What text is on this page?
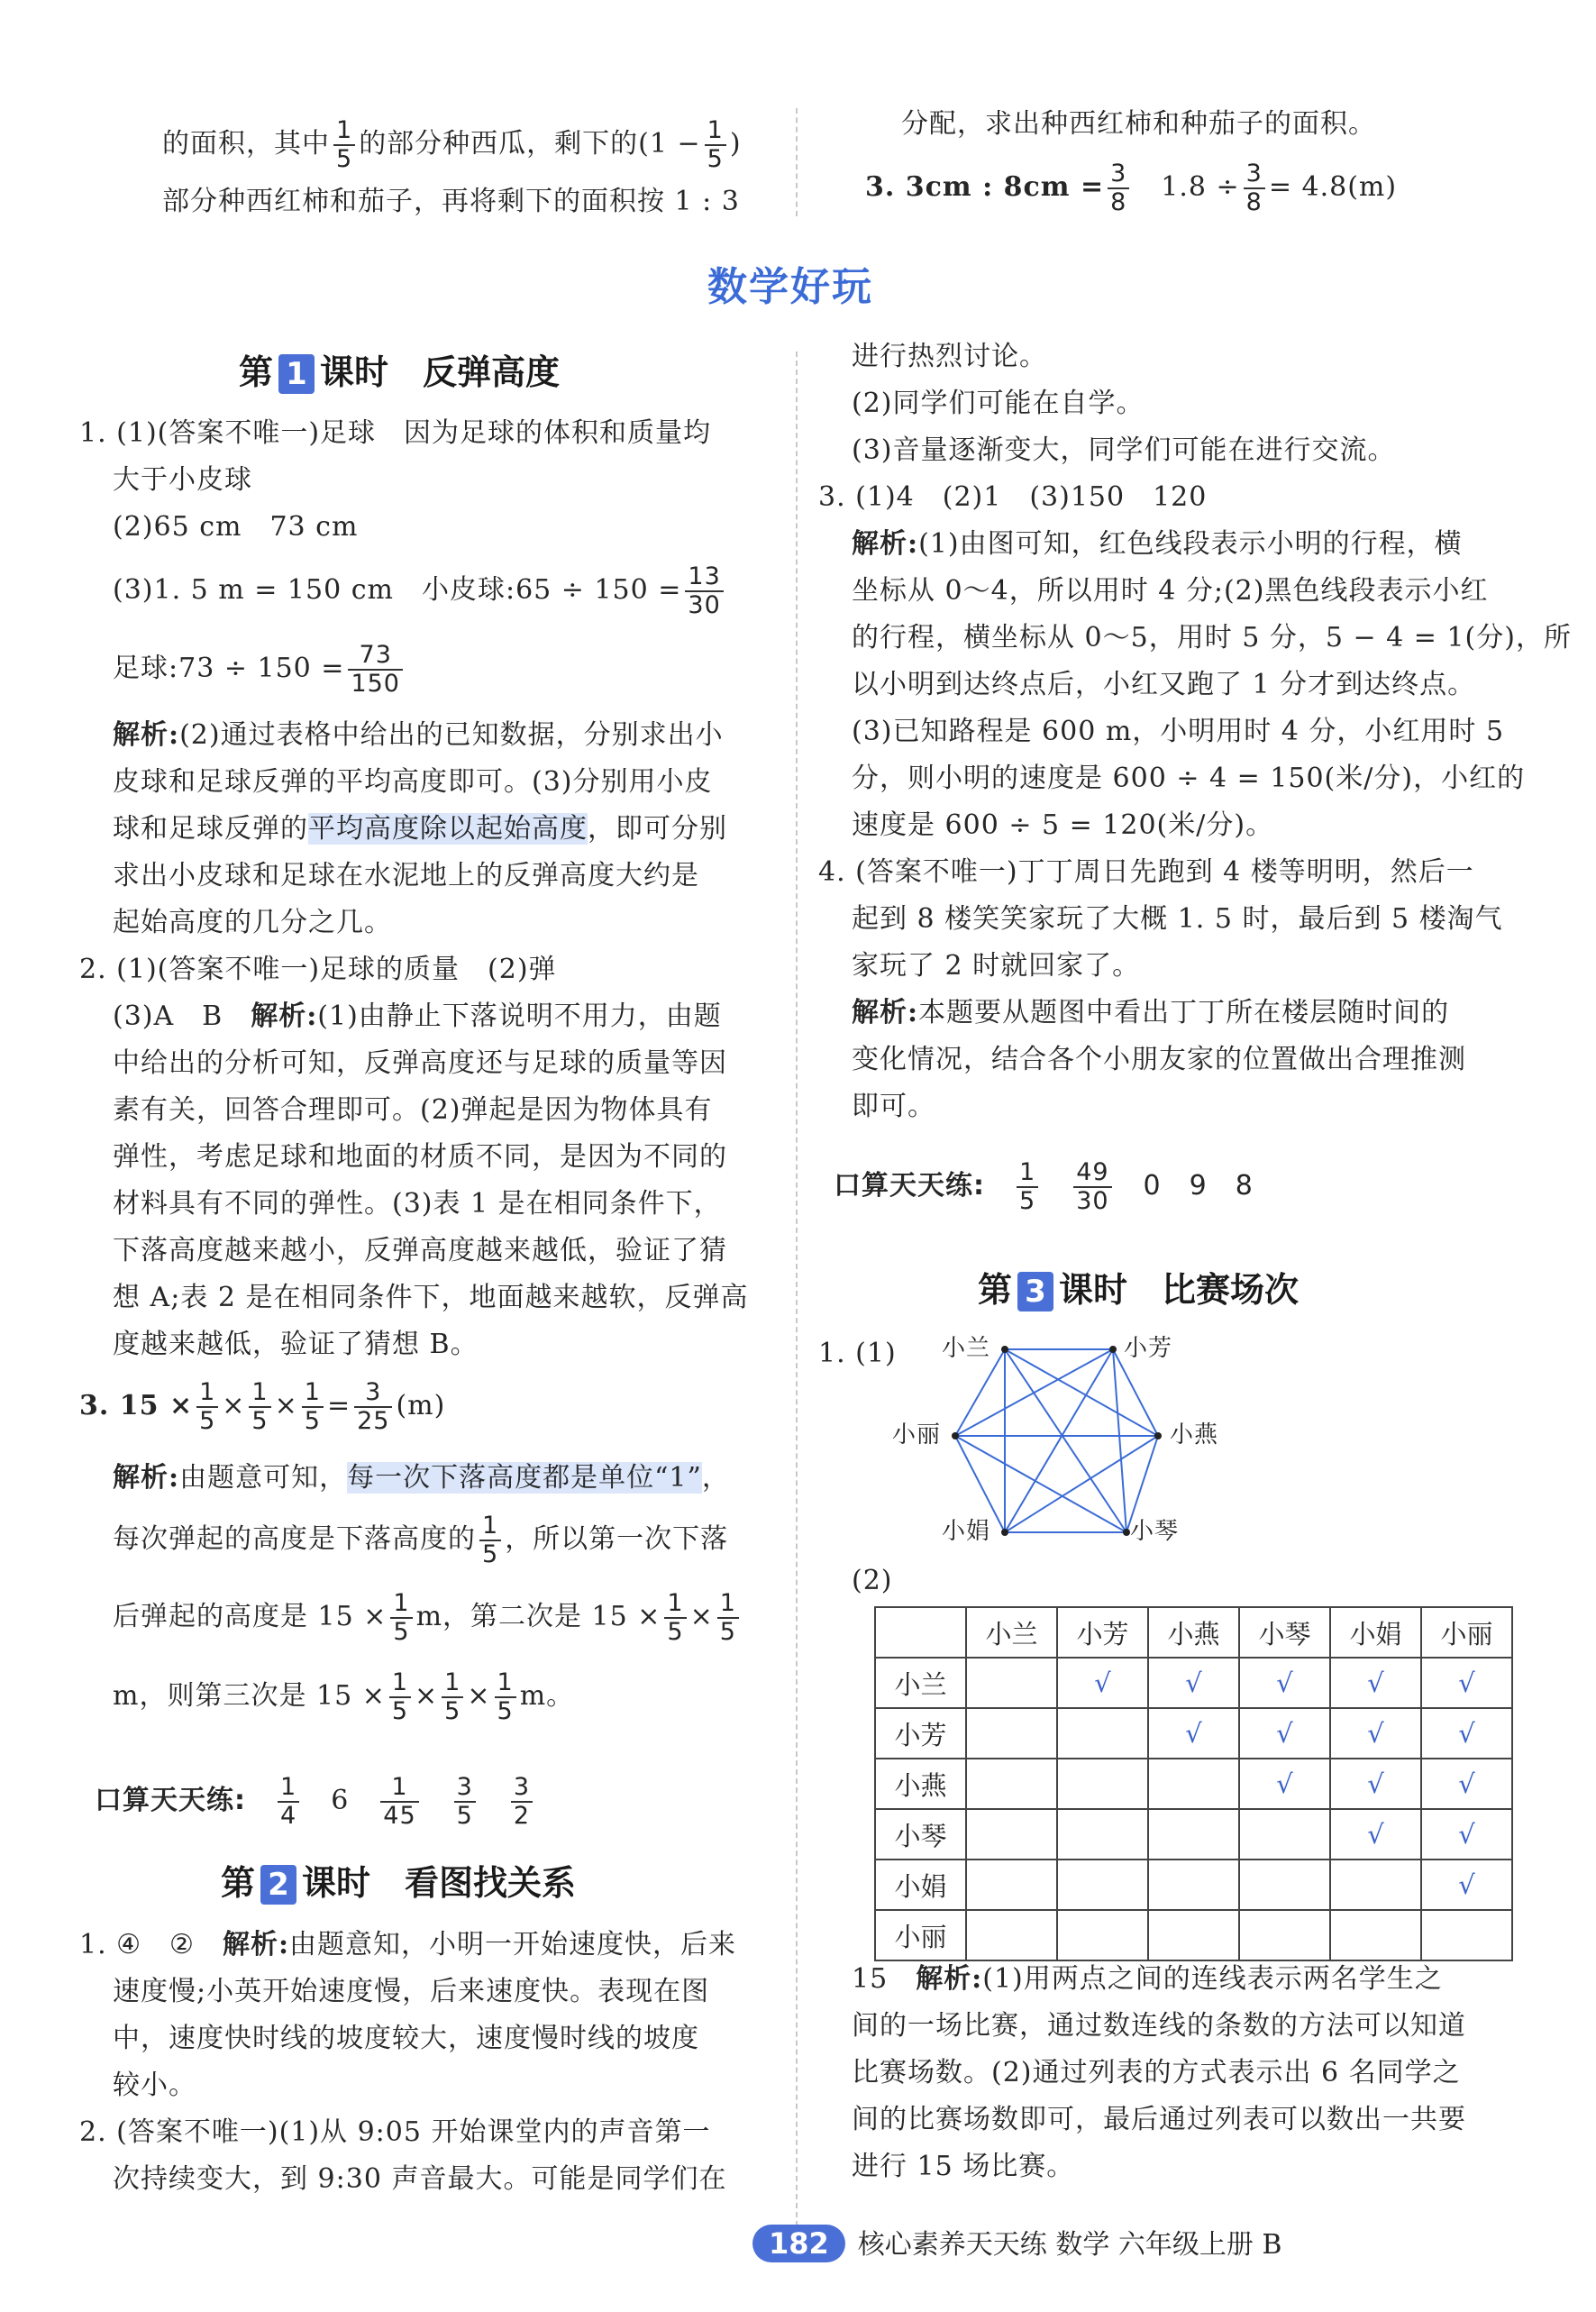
的面积，其中 $\frac{1}{5}$ 的部分种西瓜，剩下的($1 - \frac{1}{5}$ )
部分种西红柿和茄子，再将剩下的面积按 1 : 3
分配，求出种西红柿和种茄子的面积。
3. 3cm : $8cm = \frac{3}{8}$
　 $1.8 \div \frac{3}{8} = 4.8(m)$
数学好玩
第 1 课时　反弹高度
1. (1)(答案不唯一)足球　因为足球的体积和质量均
大于小皮球
(2)65 cm　73 cm
(3)1. 5 m = 150 cm　小皮球:65 ÷ $150 = \frac{13}{30}$
足球:73 ÷ $150 = \frac{73}{150}$
解析:(2)通过表格中给出的已知数据，分别求出小
皮球和足球反弹的平均高度即可。(3)分别用小皮
球和足球反弹的平均高度除以起始高度，即可分别
求出小皮球和足球在水泥地上的反弹高度大约是
起始高度的几分之几。
2. (1)(答案不唯一)足球的质量　(2)弹
(3)A　B　解析:(1)由静止下落说明不用力，由题
中给出的分析可知，反弹高度还与足球的质量等因
素有关，回答合理即可。(2)弹起是因为物体具有
弹性，考虑足球和地面的材质不同，是因为不同的
材料具有不同的弹性。(3)表 1 是在相同条件下，
下落高度越来越小，反弹高度越来越低，验证了猜
想 A;表 2 是在相同条件下，地面越来越软，反弹高
度越来越低，验证了猜想 B。
3. $15 \times \frac{1}{5} \times \frac{1}{5} \times \frac{1}{5} = \frac{3}{25} (m)$
解析:由题意可知，每一次下落高度都是单位“1”，
每次弹起的高度是下落高度的 $\frac{1}{5}$ ，所以第一次下落
后弹起的高度是 $15 \times \frac{1}{5}$ m，第二次是 $15 \times \frac{1}{5} \times \frac{1}{5}$
m，则第三次是 $15 \times \frac{1}{5} \times \frac{1}{5} \times \frac{1}{5}$ m。
口算天天练:　 $\frac{1}{4}$
　 6　 $\frac{1}{45}$
　 $\frac{3}{5}$
　 $\frac{3}{2}$
第 2 课时　看图找关系
1. ④　②　解析:由题意知，小明一开始速度快，后来
速度慢;小英开始速度慢，后来速度快。表现在图
中，速度快时线的坡度较大，速度慢时线的坡度
较小。
2. (答案不唯一)(1)从 9:05 开始课堂内的声音第一
次持续变大，到 9:30 声音最大。可能是同学们在
进行热烈讨论。
(2)同学们可能在自学。
(3)音量逐渐变大，同学们可能在进行交流。
3. (1)4　(2)1　(3)150　120
解析:(1)由图可知，红色线段表示小明的行程，横
坐标从 0～4，所以用时 4 分;(2)黑色线段表示小红
的行程，横坐标从 0～5，用时 5 分，5 − 4 = 1(分)，所
以小明到达终点后，小红又跑了 1 分才到达终点。
(3)已知路程是 600 m，小明用时 4 分，小红用时 5
分，则小明的速度是 600 ÷ 4 = 150(米/分)，小红的
速度是 600 ÷ 5 = 120(米/分)。
4. (答案不唯一)丁丁周日先跑到 4 楼等明明，然后一
起到 8 楼笑笑家玩了大概 1. 5 时，最后到 5 楼淘气
家玩了 2 时就回家了。
解析:本题要从题图中看出丁丁所在楼层随时间的
变化情况，结合各个小朋友家的位置做出合理推测
即可。
口算天天练:　 $\frac{1}{5}$
　 $\frac{49}{30}$
　 0　9　8
第 3 课时　比赛场次
1. (1) 小兰	小芳
小燕
小琴
小娟
小丽
(2)
	小兰	小芳	小燕	小琴	小娟	小丽
小兰		√	√	√	√	√
小芳			√	√	√	√
小燕				√	√	√
小琴					√	√
小娟						√
小丽						
15　解析:(1)用两点之间的连线表示两名学生之
间的一场比赛，通过数连线的条数的方法可以知道
比赛场数。(2)通过列表的方式表示出 6 名同学之
间的比赛场数即可，最后通过列表可以数出一共要
进行 15 场比赛。
182 核心素养天天练 数学 六年级上册 B
